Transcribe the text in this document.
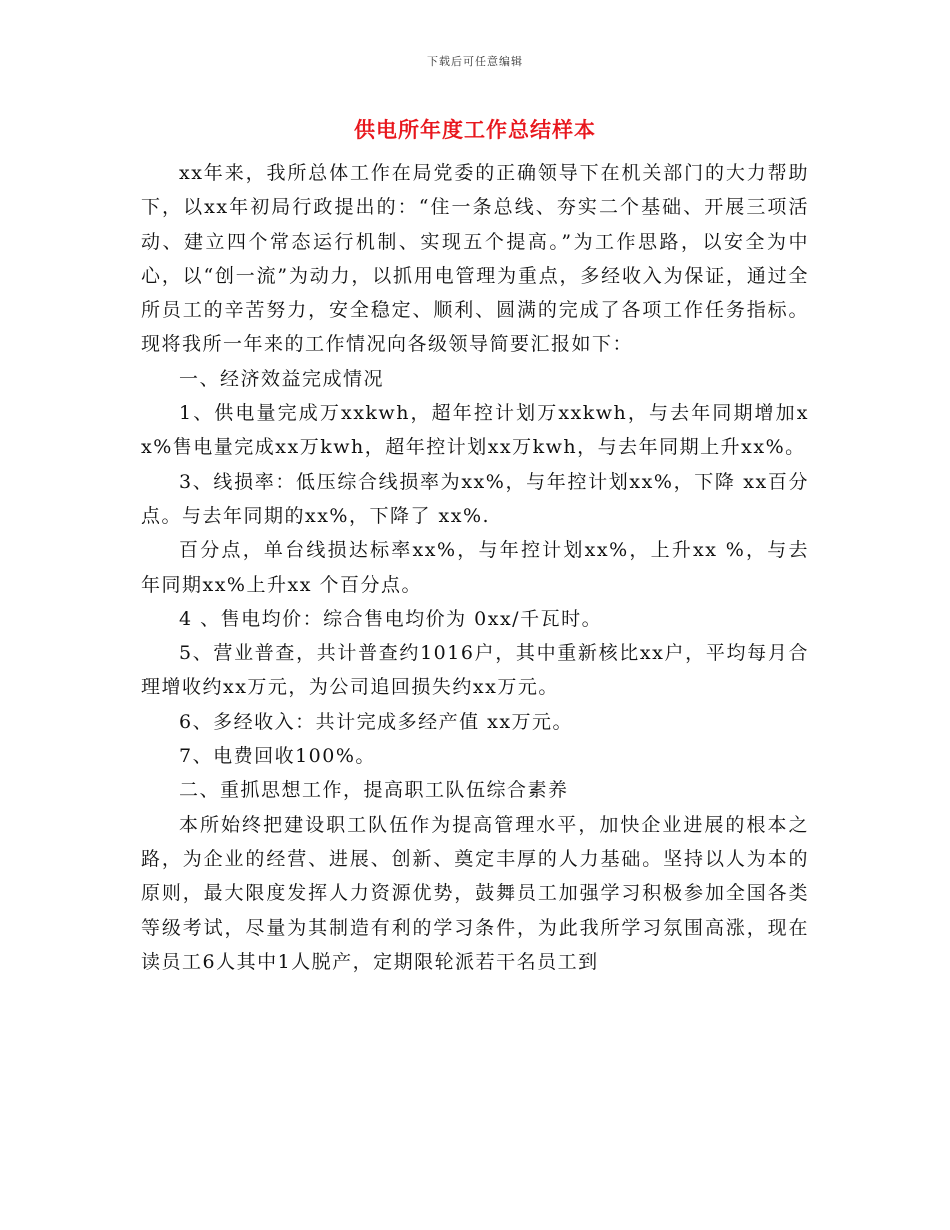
下载后可任意编辑
供电所年度工作总结样本

xx年来，我所总体工作在局党委的正确领导下在机关部门的大力帮助下，以xx年初局行政提出的：“住一条总线、夯实二个基础、开展三项活动、建立四个常态运行机制、实现五个提高。”为工作思路，以安全为中心，以“创一流”为动力，以抓用电管理为重点，多经收入为保证，通过全所员工的辛苦努力，安全稳定、顺利、圆满的完成了各项工作任务指标。现将我所一年来的工作情况向各级领导简要汇报如下：

一、经济效益完成情况

1、供电量完成万xxkwh，超年控计划万xxkwh，与去年同期增加xx%售电量完成xx万kwh，超年控计划xx万kwh，与去年同期上升xx%。

3、线损率：低压综合线损率为xx%，与年控计划xx%，下降 xx百分点。与去年同期的xx%，下降了 xx%.

百分点，单台线损达标率xx%，与年控计划xx%，上升xx %，与去年同期xx%上升xx 个百分点。

4 、售电均价：综合售电均价为 0xx/千瓦时。

5、营业普查，共计普查约1016户，其中重新核比xx户，平均每月合理增收约xx万元，为公司追回损失约xx万元。

6、多经收入：共计完成多经产值 xx万元。

7、电费回收100%。

二、重抓思想工作，提高职工队伍综合素养

本所始终把建设职工队伍作为提高管理水平，加快企业进展的根本之路，为企业的经营、进展、创新、奠定丰厚的人力基础。坚持以人为本的原则，最大限度发挥人力资源优势，鼓舞员工加强学习积极参加全国各类等级考试，尽量为其制造有利的学习条件，为此我所学习氛围高涨，现在读员工6人其中1人脱产，定期限轮派若干名员工到
